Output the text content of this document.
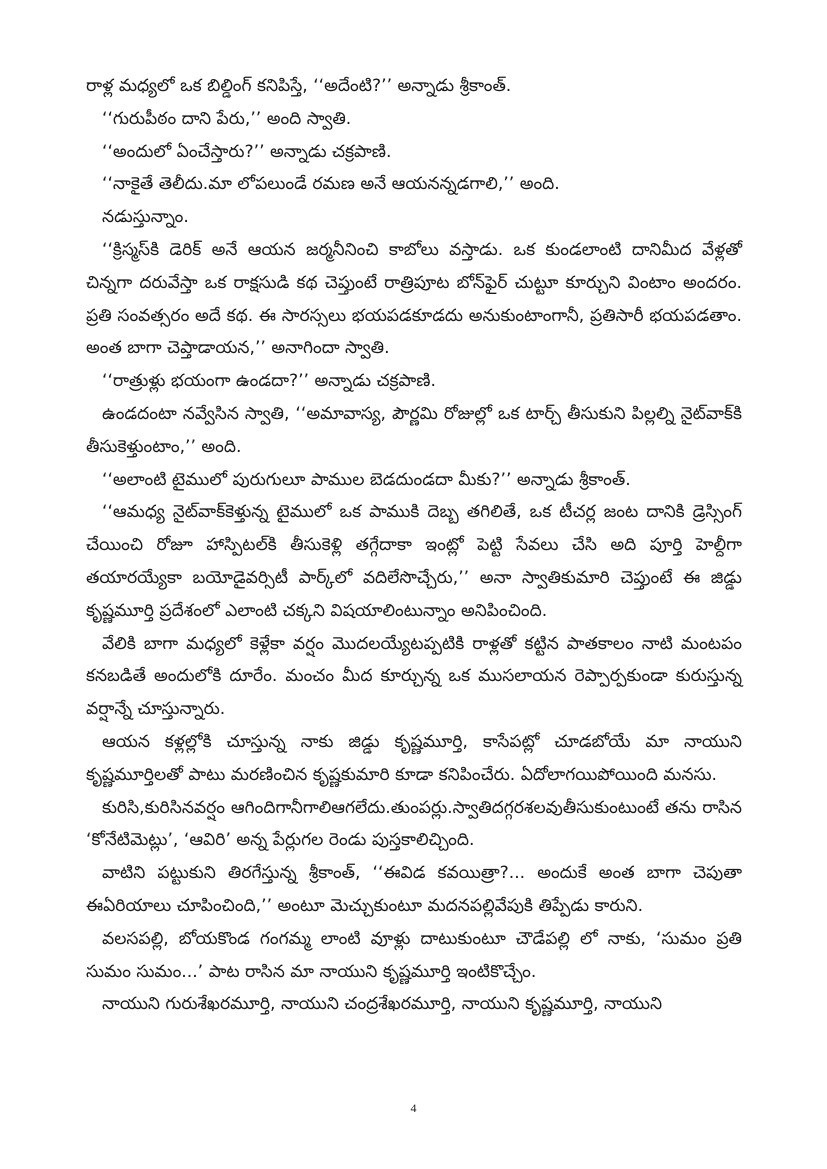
రాళ్ల మధ్యలో ఒక బిల్డింగ్ కనిపిస్తే, ‘‘అదేంటి?’’ అన్నాడు శ్రీకాంత్.

‘‘గురుపీఠం దాని పేరు,’’ అంది స్వాతి.

‘‘అందులో ఏంచేస్తారు?’’ అన్నాడు చక్రపాణి.

‘‘నాకైతే తెలీదు.మా లోపలుండే రమణ అనే ఆయనన్నడగాలి,’’ అంది.

నడుస్తున్నాం.

‘‘క్రిస్మస్‌కి డెరిక్ అనే ఆయన జర్మనీనించి కాబోలు వస్తాడు. ఒక కుండలాంటి దానిమీద వేళ్లతో చిన్నగా దరువేస్తా ఒక రాక్షసుడి కథ చెప్తుంటే రాత్రిపూట బోన్‌ఫైర్ చుట్టూ కూర్చుని వింటాం అందరం. ప్రతి సంవత్సరం అదే కథ. ఈ సారస్సలు భయపడకూడదు అనుకుంటాంగానీ, ప్రతిసారీ భయపడతాం. అంత బాగా చెప్తాడాయన,’’ అనాగిందా స్వాతి.

‘‘రాత్రుళ్లు భయంగా ఉండదా?’’ అన్నాడు చక్రపాణి.

ఉండదంటా నవ్వేసిన స్వాతి, ‘‘అమావాస్య, పౌర్ణమి రోజుల్లో ఒక టార్చ్ తీసుకుని పిల్లల్ని నైట్‌వాక్‌కి తీసుకెళ్తుంటాం,’’ అంది.

‘‘అలాంటి టైములో పురుగులూ పాముల బెడదుండదా మీకు?’’ అన్నాడు శ్రీకాంత్.

‘‘ఆమధ్య నైట్‌వాక్‌కెళ్తున్న టైములో ఒక పాముకి దెబ్బ తగిలితే, ఒక టీచర్ల జంట దానికి డ్రెస్సింగ్ చేయించి రోజూ హాస్పిటల్‌కి తీసుకెళ్లి తగ్గేదాకా ఇంట్లో పెట్టి సేవలు చేసి అది పూర్తి హెల్దీగా తయారయ్యేకా బయోడైవర్సిటీ పార్క్‌లో వదిలేసొచ్చేరు,’’ అనా స్వాతికుమారి చెప్తుంటే ఈ జిడ్డు కృష్ణమూర్తి ప్రదేశంలో ఎలాంటి చక్కని విషయాలింటున్నాం అనిపించింది.

వేలికి బాగా మధ్యలో కెళ్లేకా వర్షం మొదలయ్యేటప్పటికి రాళ్లతో కట్టిన పాతకాలం నాటి మంటపం కనబడితే అందులోకి దూరేం. మంచం మీద కూర్చున్న ఒక ముసలాయన రెప్పార్పకుండా కురుస్తున్న వర్షాన్నే చూస్తున్నారు.

ఆయన కళ్లల్లోకి చూస్తున్న నాకు జిడ్డు కృష్ణమూర్తి, కాసేపట్లో చూడబోయే మా నాయుని కృష్ణమూర్తిలతో పాటు మరణించిన కృష్ణకుమారి కూడా కనిపించేరు. ఏదోలాగయిపోయింది మనసు.

కురిసి,కురిసినవర్షం ఆగిందిగానీగాలిఆగలేదు.తుంపర్లు.స్వాతిదగ్గరశలవుతీసుకుంటుంటే తను రాసిన ‘కోనేటిమెట్లు’, ‘ఆవిరి’ అన్న పేర్లుగల రెండు పుస్తకాలిచ్చింది.

వాటిని పట్టుకుని తిరగేస్తున్న శ్రీకాంత్, ‘‘ఈవిడ కవయిత్రా?... అందుకే అంత బాగా చెపుతా ఈఏరియాలు చూపించింది,’’ అంటూ మెచ్చుకుంటూ మదనపల్లివేపుకి తిప్పేడు కారుని.

వలసపల్లి, బోయకొండ గంగమ్మ లాంటి వూళ్లు దాటుకుంటూ చౌడేపల్లి లో నాకు, ‘సుమం ప్రతి సుమం సుమం...’ పాట రాసిన మా నాయుని కృష్ణమూర్తి ఇంటికొచ్చేం.

నాయుని గురుశేఖరమూర్తి, నాయుని చంద్రశేఖరమూర్తి, నాయుని కృష్ణమూర్తి, నాయుని

4
